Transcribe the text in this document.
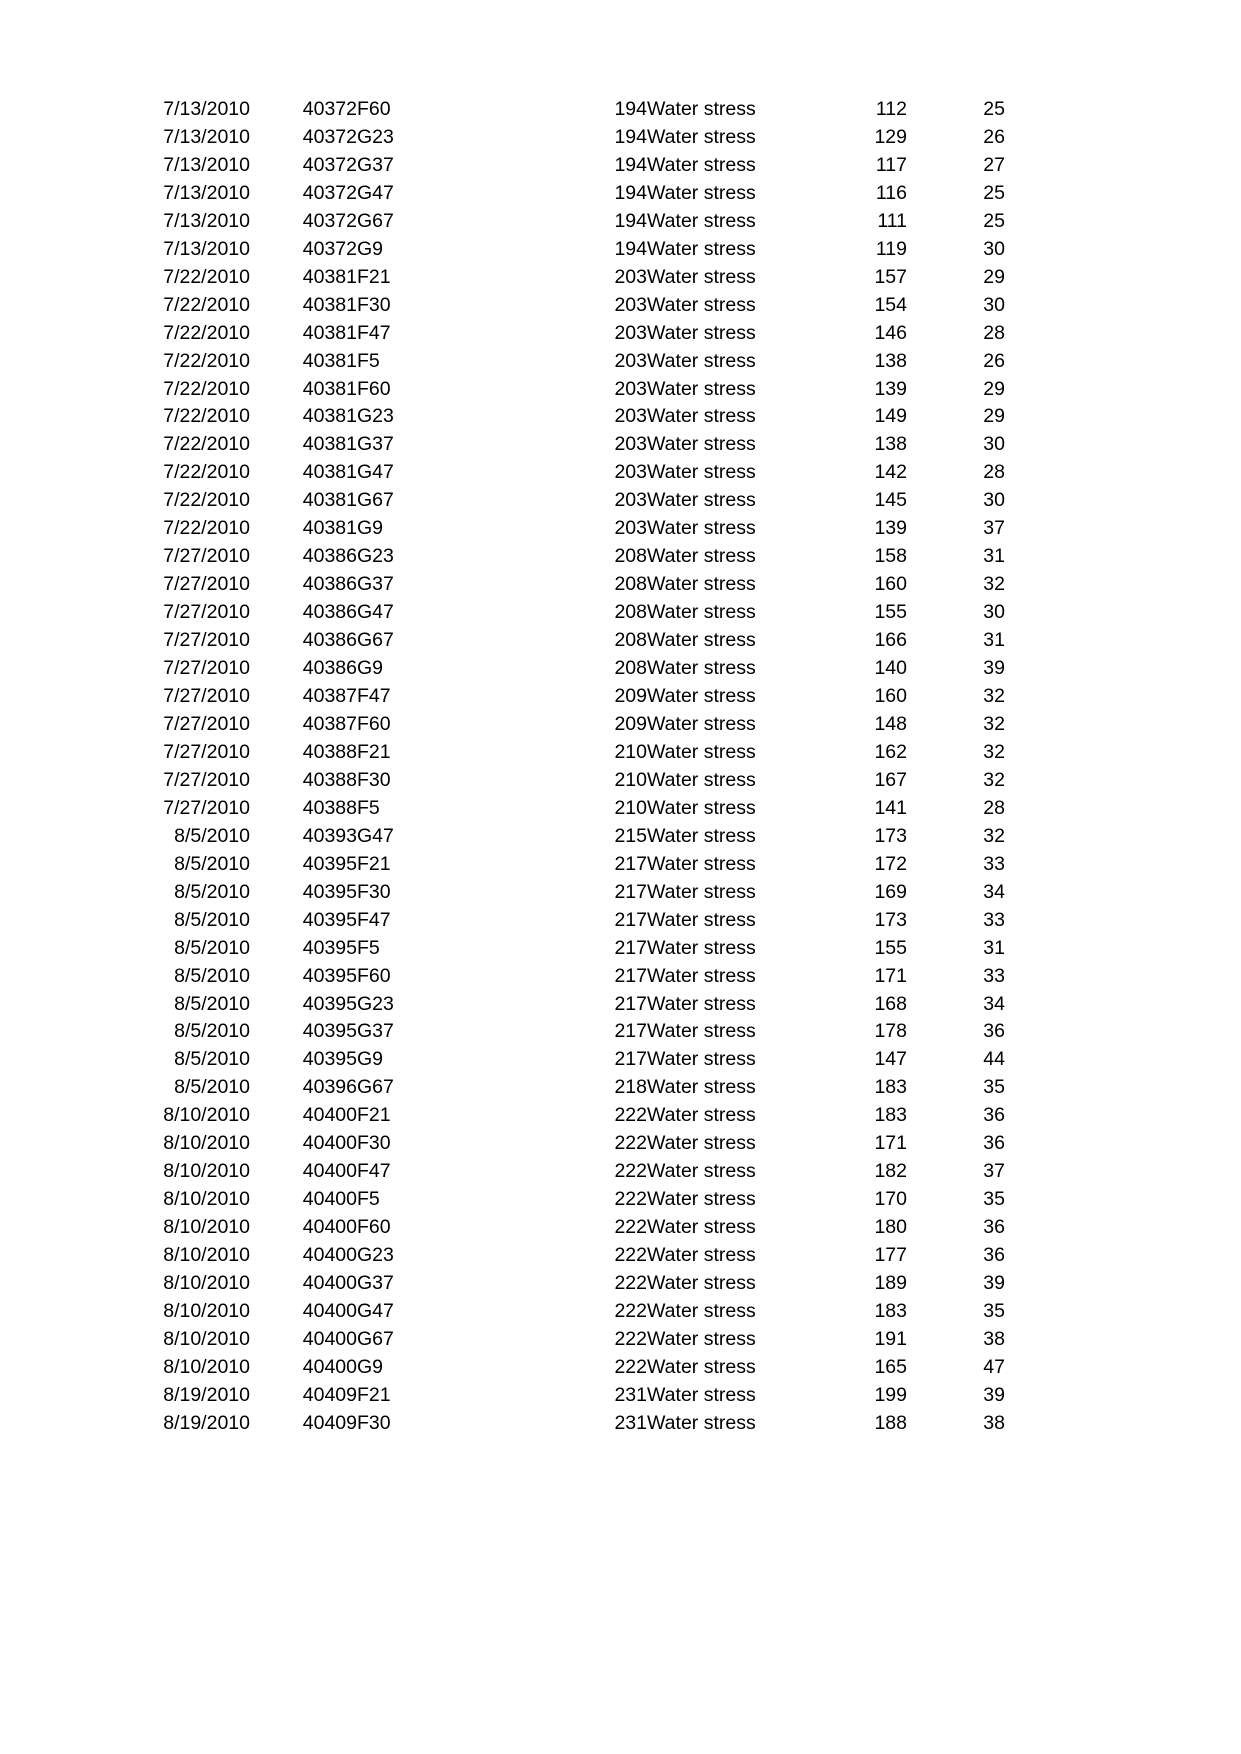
7/13/2010	40372	F60	194	Water stress	112	25
7/13/2010	40372	G23	194	Water stress	129	26
7/13/2010	40372	G37	194	Water stress	117	27
7/13/2010	40372	G47	194	Water stress	116	25
7/13/2010	40372	G67	194	Water stress	111	25
7/13/2010	40372	G9	194	Water stress	119	30
7/22/2010	40381	F21	203	Water stress	157	29
7/22/2010	40381	F30	203	Water stress	154	30
7/22/2010	40381	F47	203	Water stress	146	28
7/22/2010	40381	F5	203	Water stress	138	26
7/22/2010	40381	F60	203	Water stress	139	29
7/22/2010	40381	G23	203	Water stress	149	29
7/22/2010	40381	G37	203	Water stress	138	30
7/22/2010	40381	G47	203	Water stress	142	28
7/22/2010	40381	G67	203	Water stress	145	30
7/22/2010	40381	G9	203	Water stress	139	37
7/27/2010	40386	G23	208	Water stress	158	31
7/27/2010	40386	G37	208	Water stress	160	32
7/27/2010	40386	G47	208	Water stress	155	30
7/27/2010	40386	G67	208	Water stress	166	31
7/27/2010	40386	G9	208	Water stress	140	39
7/27/2010	40387	F47	209	Water stress	160	32
7/27/2010	40387	F60	209	Water stress	148	32
7/27/2010	40388	F21	210	Water stress	162	32
7/27/2010	40388	F30	210	Water stress	167	32
7/27/2010	40388	F5	210	Water stress	141	28
8/5/2010	40393	G47	215	Water stress	173	32
8/5/2010	40395	F21	217	Water stress	172	33
8/5/2010	40395	F30	217	Water stress	169	34
8/5/2010	40395	F47	217	Water stress	173	33
8/5/2010	40395	F5	217	Water stress	155	31
8/5/2010	40395	F60	217	Water stress	171	33
8/5/2010	40395	G23	217	Water stress	168	34
8/5/2010	40395	G37	217	Water stress	178	36
8/5/2010	40395	G9	217	Water stress	147	44
8/5/2010	40396	G67	218	Water stress	183	35
8/10/2010	40400	F21	222	Water stress	183	36
8/10/2010	40400	F30	222	Water stress	171	36
8/10/2010	40400	F47	222	Water stress	182	37
8/10/2010	40400	F5	222	Water stress	170	35
8/10/2010	40400	F60	222	Water stress	180	36
8/10/2010	40400	G23	222	Water stress	177	36
8/10/2010	40400	G37	222	Water stress	189	39
8/10/2010	40400	G47	222	Water stress	183	35
8/10/2010	40400	G67	222	Water stress	191	38
8/10/2010	40400	G9	222	Water stress	165	47
8/19/2010	40409	F21	231	Water stress	199	39
8/19/2010	40409	F30	231	Water stress	188	38
